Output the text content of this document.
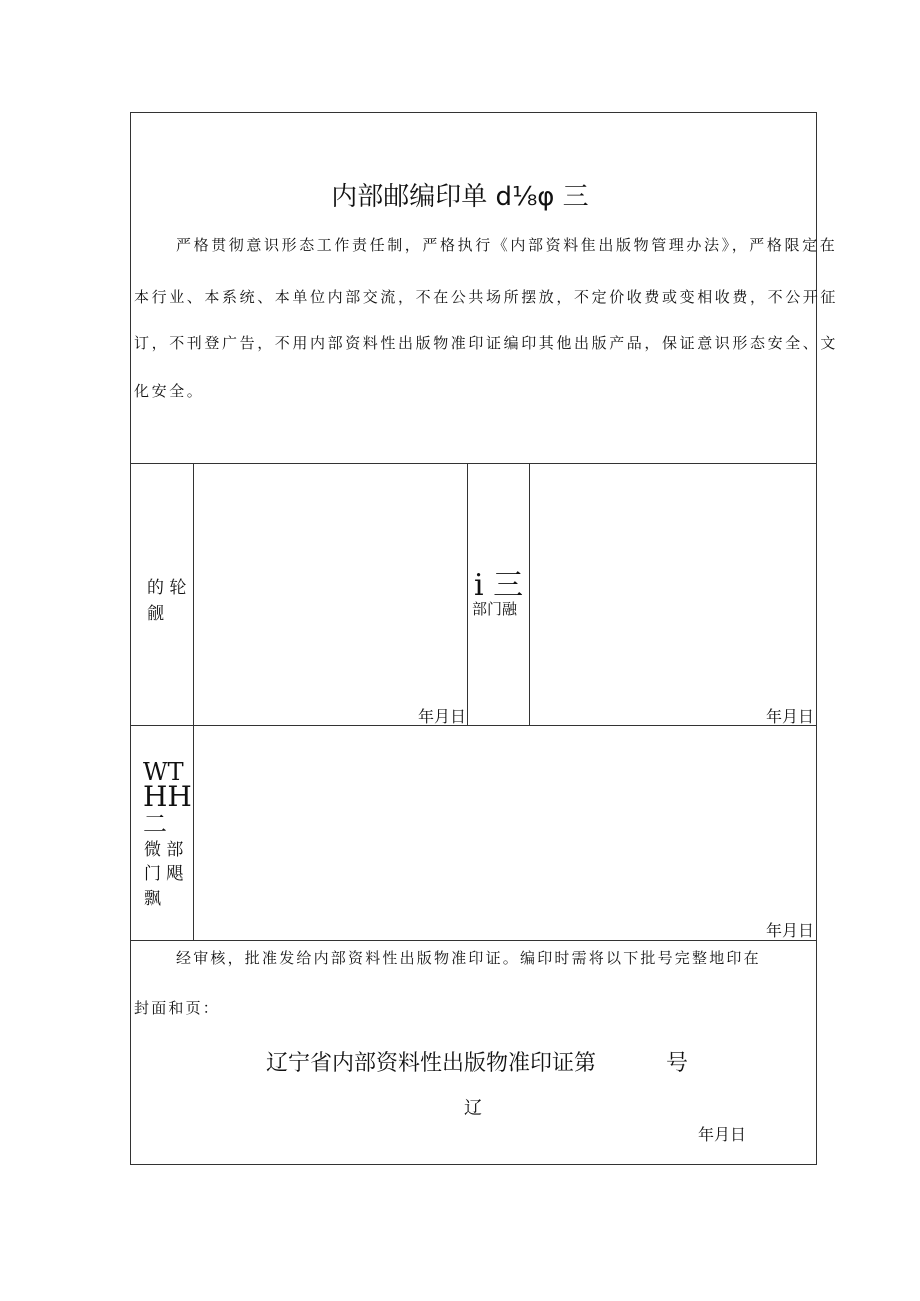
内部邮编印单 d⅛φ 三
严格贯彻意识形态工作责任制，严格执行《内部资料隹出版物管理办法》，严格限定在
本行业、本系统、本单位内部交流，不在公共场所摆放，不定价收费或变相收费，不公开征
订，不刊登广告，不用内部资料性出版物准印证编印其他出版产品，保证意识形态安全、文
化安全。
的 轮
觎
年月日
i 三
部门融
年月日
WT
HH
二
微 部
门 飓
飘
年月日
经审核，批准发给内部资料性出版物准印证。编印时需将以下批号完整地印在
封面和页：
辽宁省内部资料性出版物准印证第	号
辽
年月日
